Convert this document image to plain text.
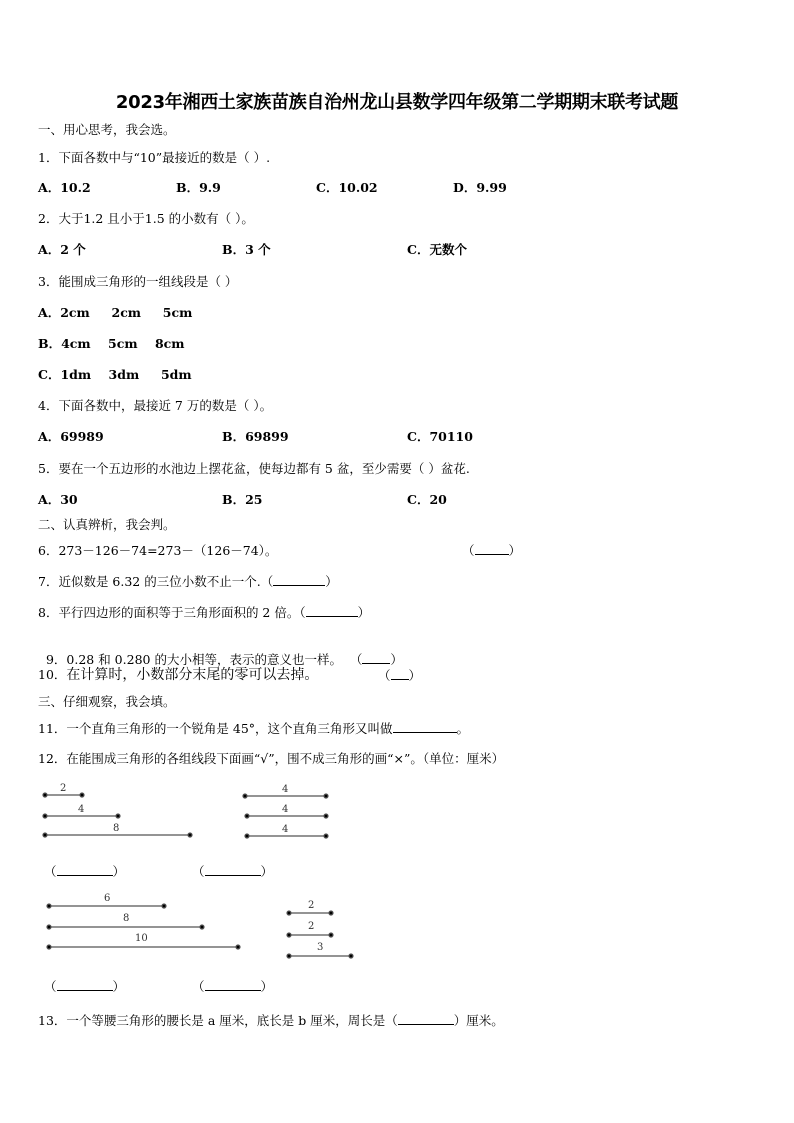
2023年湘西土家族苗族自治州龙山县数学四年级第二学期期末联考试题
一、用心思考，我会选。
1．下面各数中与“10”最接近的数是（ ）.
A．10.2	B．9.9	C．10.02	D．9.99
2．大于1.2 且小于1.5 的小数有（ ）。
A．2 个	B．3 个	C．无数个
3．能围成三角形的一组线段是（ ）
A．2cm     2cm     5cm
B．4cm    5cm    8cm
C．1dm    3dm     5dm
4．下面各数中，最接近 7 万的数是（ ）。
A．69989	B．69899	C．70110
5．要在一个五边形的水池边上摆花盆，使每边都有 5 盆，至少需要（ ）盆花.
A．30	B．25	C．20
二、认真辨析，我会判。
6．273－126－74=273－（126－74）。	（	）
7．近似数是 6.32 的三位小数不止一个.（	）
8．平行四边形的面积等于三角形面积的 2 倍。（	）

9．0.28 和 0.280 的大小相等，表示的意义也一样。  （ ）

10．在计算时，小数部分末尾的零可以去掉。	（ ）
三、仔细观察，我会填。
11．一个直角三角形的一个锐角是 45°，这个直角三角形又叫做	。
12．在能围成三角形的各组线段下面画“√”，围不成三角形的画“×”。（单位：厘米）
2
4
8
4
4
4
6
8
10
2
2
3
（	）	（	）
（	）	（	）
13．一个等腰三角形的腰长是 a 厘米，底长是 b 厘米，周长是（	）厘米。
